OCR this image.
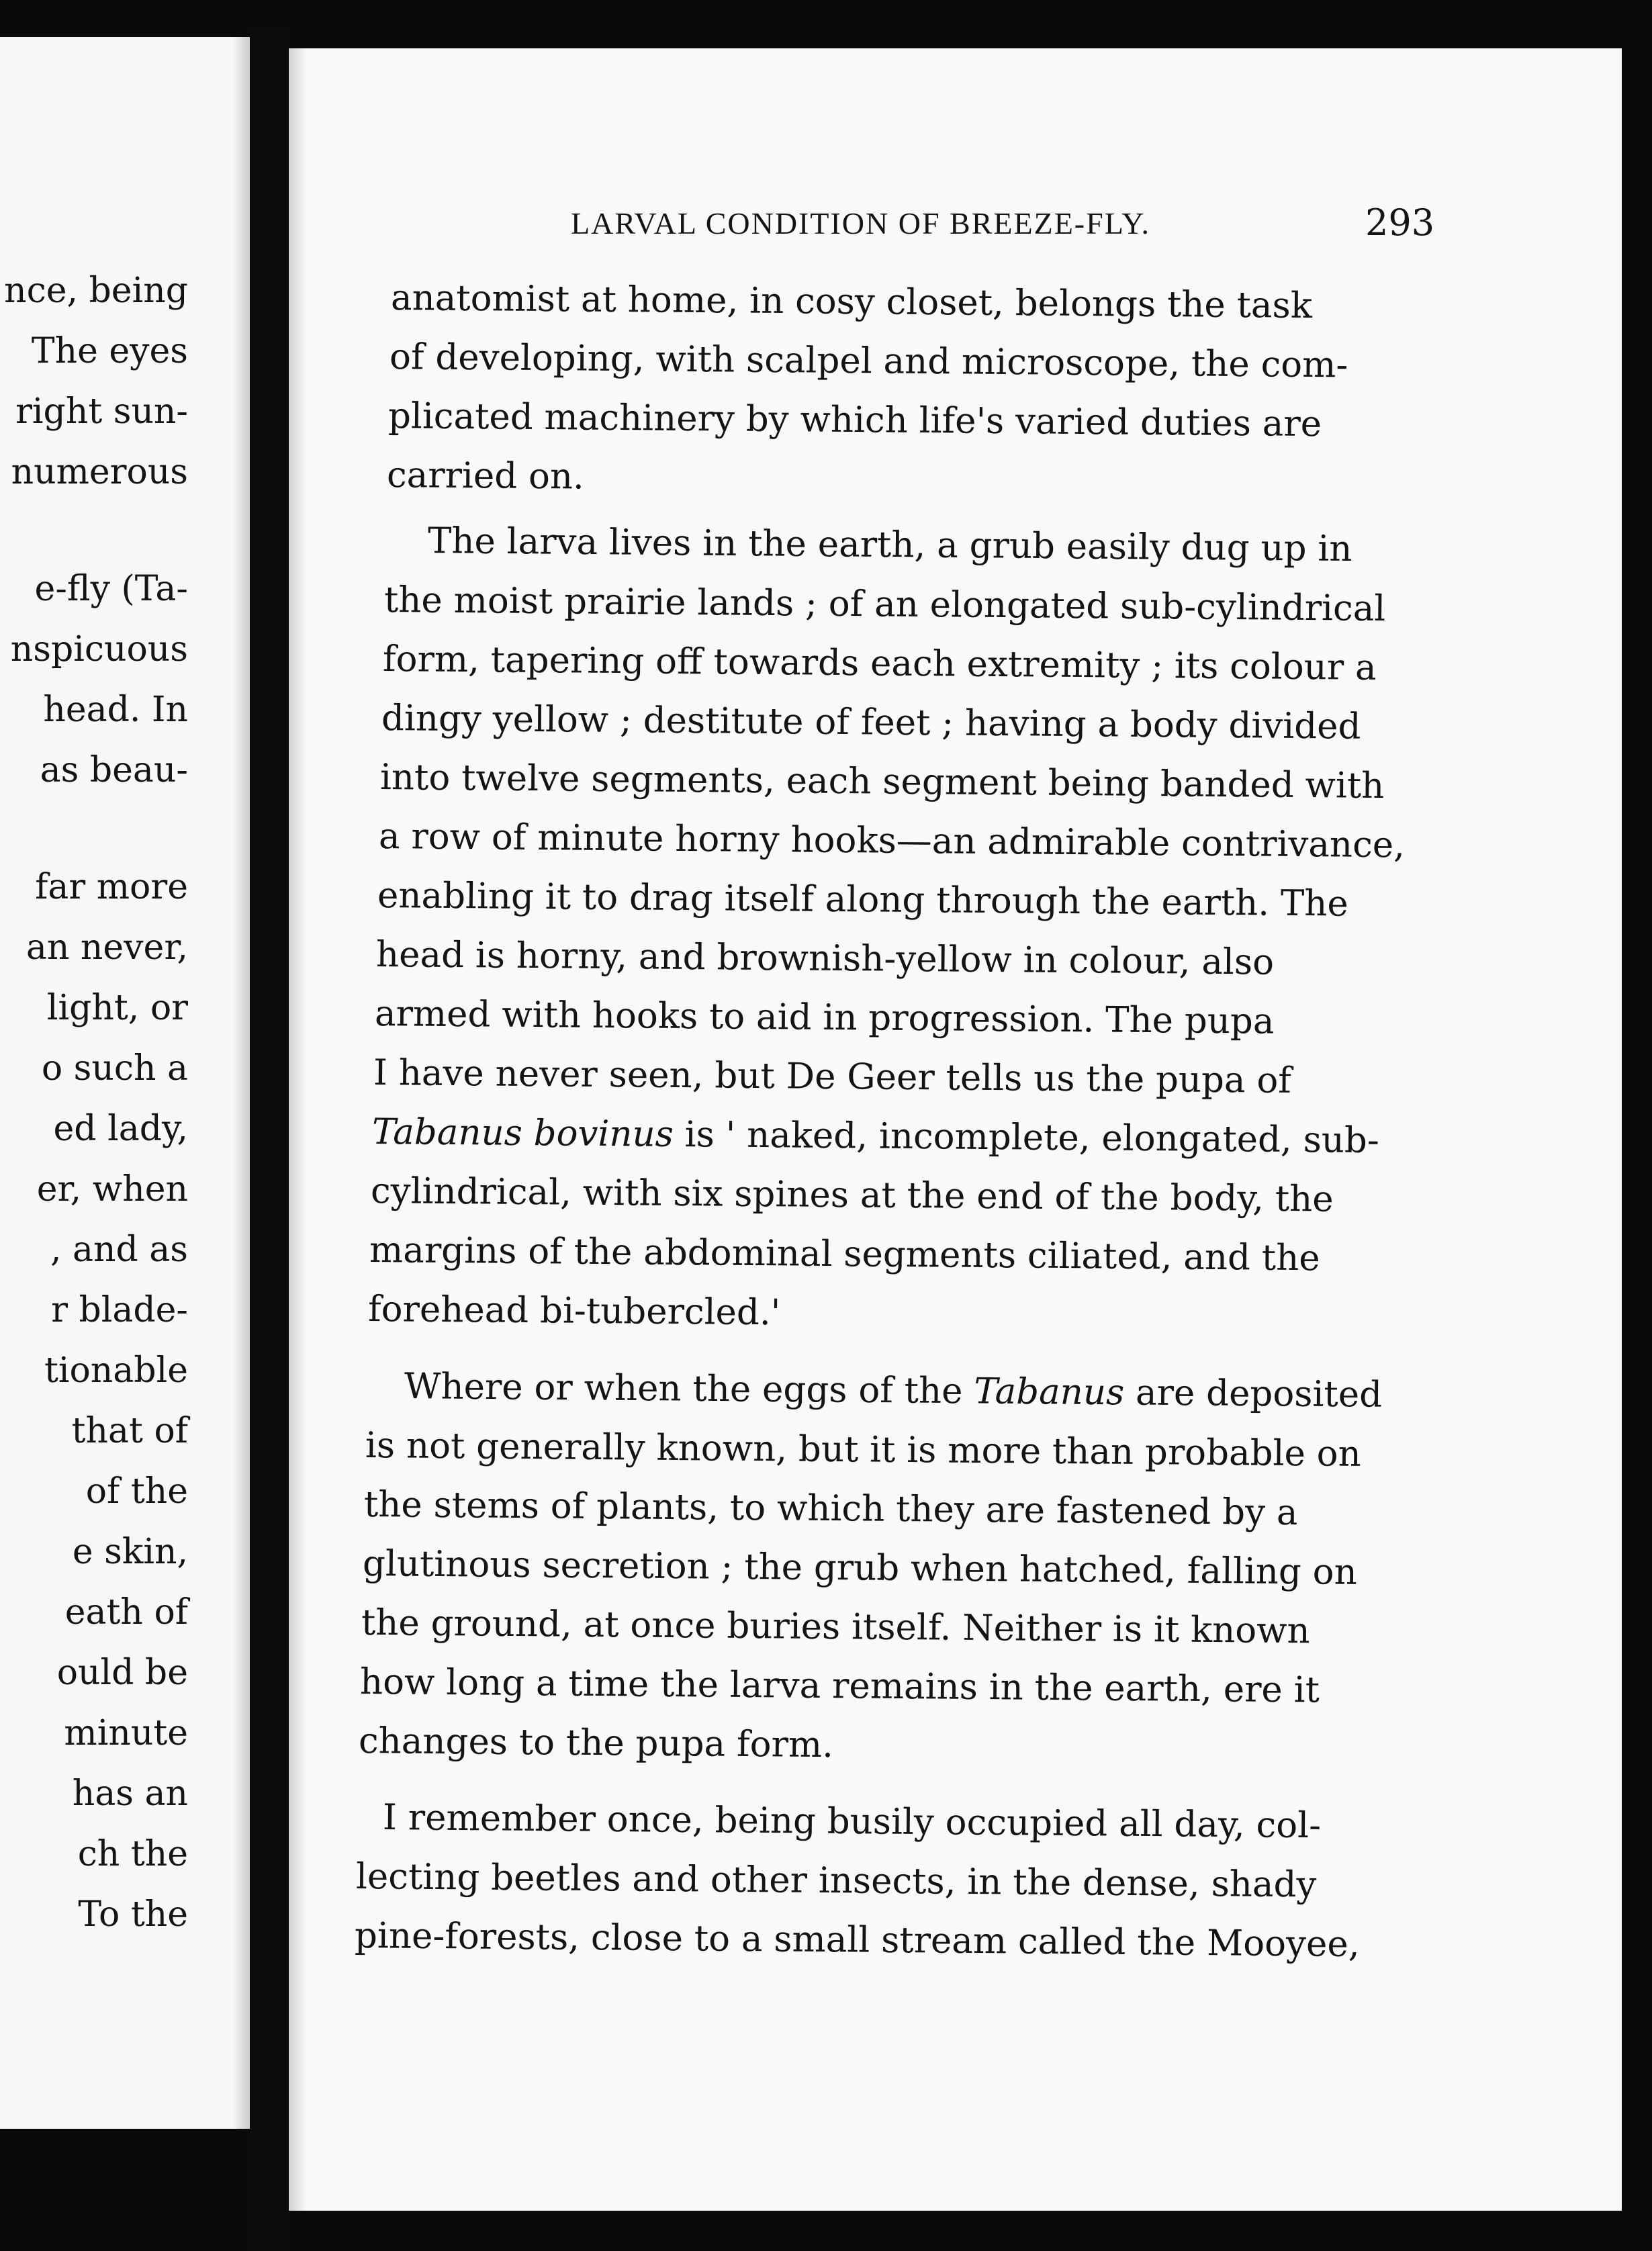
nce, being
The eyes
right sun-
numerous
e-fly (Ta-
nspicuous
head. In
as beau-
far more
an never,
light, or
o such a
ed lady,
er, when
, and as
r blade-
tionable
that of
of the
e skin,
eath of
ould be
minute
has an
ch the
To the
LARVAL CONDITION OF BREEZE-FLY.	293
anatomist at home, in cosy closet, belongs the task
of developing, with scalpel and microscope, the com-
plicated machinery by which life's varied duties are
carried on.
The larva lives in the earth, a grub easily dug up in
the moist prairie lands ; of an elongated sub-cylindrical
form, tapering off towards each extremity ; its colour a
dingy yellow ; destitute of feet ; having a body divided
into twelve segments, each segment being banded with
a row of minute horny hooks—an admirable contrivance,
enabling it to drag itself along through the earth. The
head is horny, and brownish-yellow in colour, also
armed with hooks to aid in progression. The pupa
I have never seen, but De Geer tells us the pupa of
Tabanus bovinus is ' naked, incomplete, elongated, sub-
cylindrical, with six spines at the end of the body, the
margins of the abdominal segments ciliated, and the
forehead bi-tubercled.'
Where or when the eggs of the Tabanus are deposited
is not generally known, but it is more than probable on
the stems of plants, to which they are fastened by a
glutinous secretion ; the grub when hatched, falling on
the ground, at once buries itself. Neither is it known
how long a time the larva remains in the earth, ere it
changes to the pupa form.
I remember once, being busily occupied all day, col-
lecting beetles and other insects, in the dense, shady
pine-forests, close to a small stream called the Mooyee,
